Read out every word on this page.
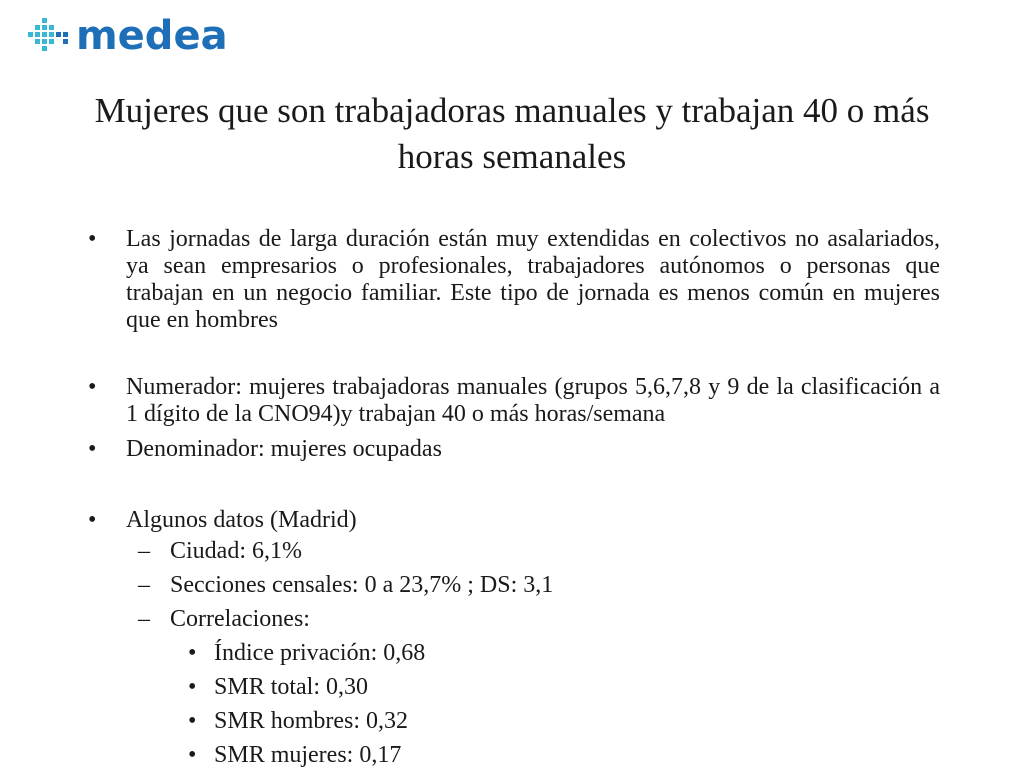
medea
Mujeres que son trabajadoras manuales y trabajan 40 o más horas semanales
• Las jornadas de larga duración están muy extendidas en colectivos no asalariados, ya sean empresarios o profesionales, trabajadores autónomos o personas que trabajan en un negocio familiar. Este tipo de jornada es menos común en mujeres que en hombres
• Numerador: mujeres trabajadoras manuales (grupos 5,6,7,8 y 9 de la clasificación a 1 dígito de la CNO94)y trabajan 40 o más horas/semana
• Denominador: mujeres ocupadas
• Algunos datos (Madrid)
– Ciudad: 6,1%
– Secciones censales: 0 a 23,7% ; DS: 3,1
– Correlaciones:
• Índice privación: 0,68
• SMR total: 0,30
• SMR hombres: 0,32
• SMR mujeres: 0,17
